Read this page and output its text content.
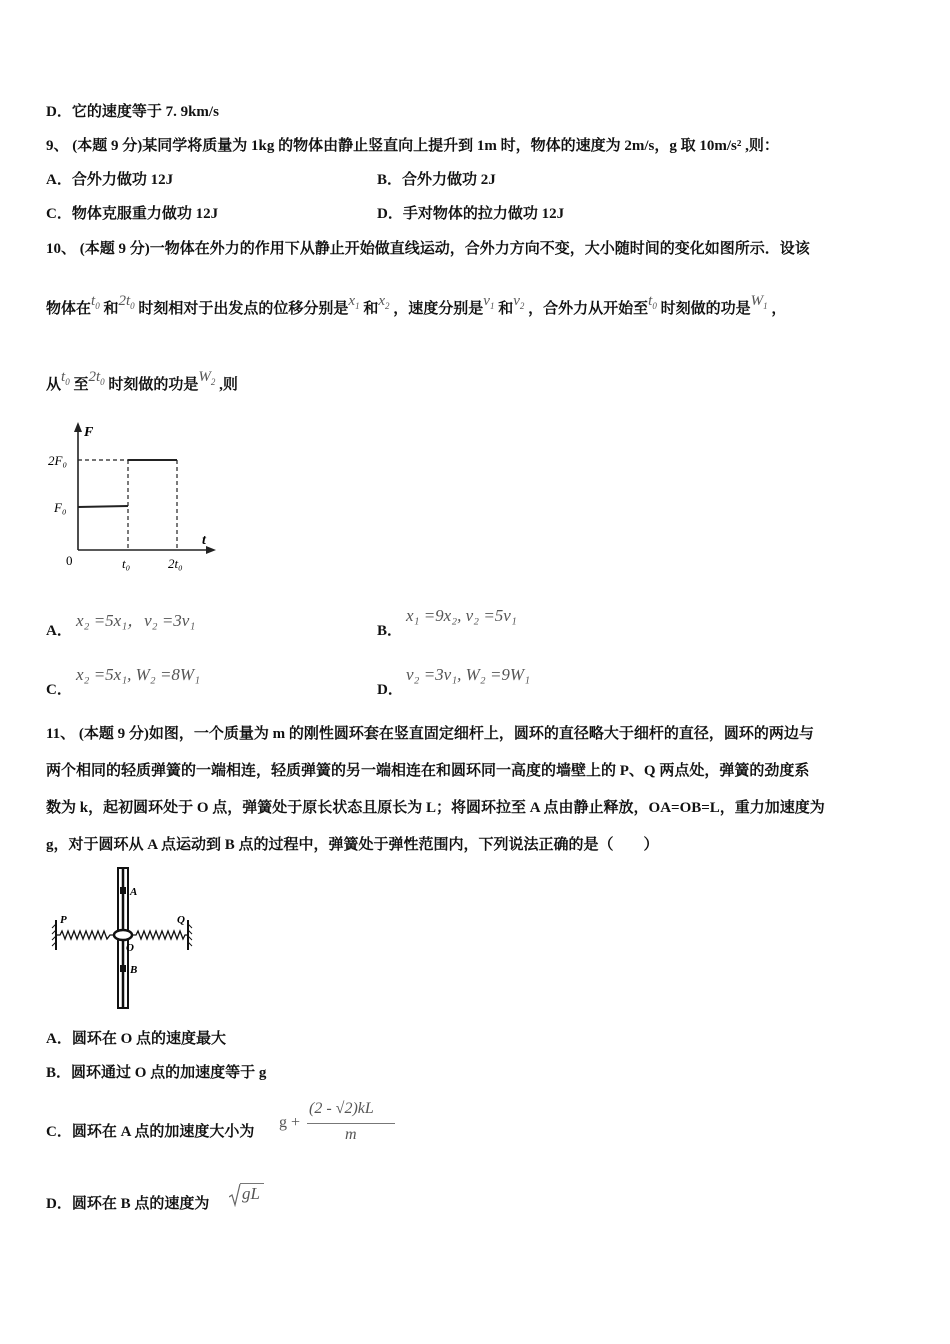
D．它的速度等于 7. 9km/s
9、 (本题 9 分)某同学将质量为 1kg 的物体由静止竖直向上提升到 1m 时，物体的速度为 2m/s，g 取 10m/s² ,则：
A．合外力做功 12J	B．合外力做功 2J
C．物体克服重力做功 12J	D．手对物体的拉力做功 12J
10、 (本题 9 分)一物体在外力的作用下从静止开始做直线运动，合外力方向不变，大小随时间的变化如图所示．设该
物体在$t_0$ 和$2t_0$ 时刻相对于出发点的位移分别是$x_1$ 和$x_2$ ，速度分别是$v_1$ 和$v_2$ ，合外力从开始至$t_0$ 时刻做的功是$W_1$ ，
从$t_0$ 至$2t_0$ 时刻做的功是$W_2$ ,则
F
t
2F₀
F₀
0	t₀	2t₀
A．
x₂ =5x₁，v₂ =3v₁
B．
x₁ =9x₂, v₂ =5v₁
C．
x₂ =5x₁, W₂ =8W₁
D．
v₂ =3v₁, W₂ =9W₁
11、 (本题 9 分)如图，一个质量为 m 的刚性圆环套在竖直固定细杆上，圆环的直径略大于细杆的直径，圆环的两边与
两个相同的轻质弹簧的一端相连，轻质弹簧的另一端相连在和圆环同一高度的墙壁上的 P、Q 两点处，弹簧的劲度系
数为 k，起初圆环处于 O 点，弹簧处于原长状态且原长为 L；将圆环拉至 A 点由静止释放，OA=OB=L，重力加速度为
g，对于圆环从 A 点运动到 B 点的过程中，弹簧处于弹性范围内，下列说法正确的是（　　）
P	Q
A
O
B
A．圆环在 O 点的速度最大
B．圆环通过 O 点的加速度等于 g
C．圆环在 A 点的加速度大小为
g +
(2 - √2)kL
m
D．圆环在 B 点的速度为
gL
